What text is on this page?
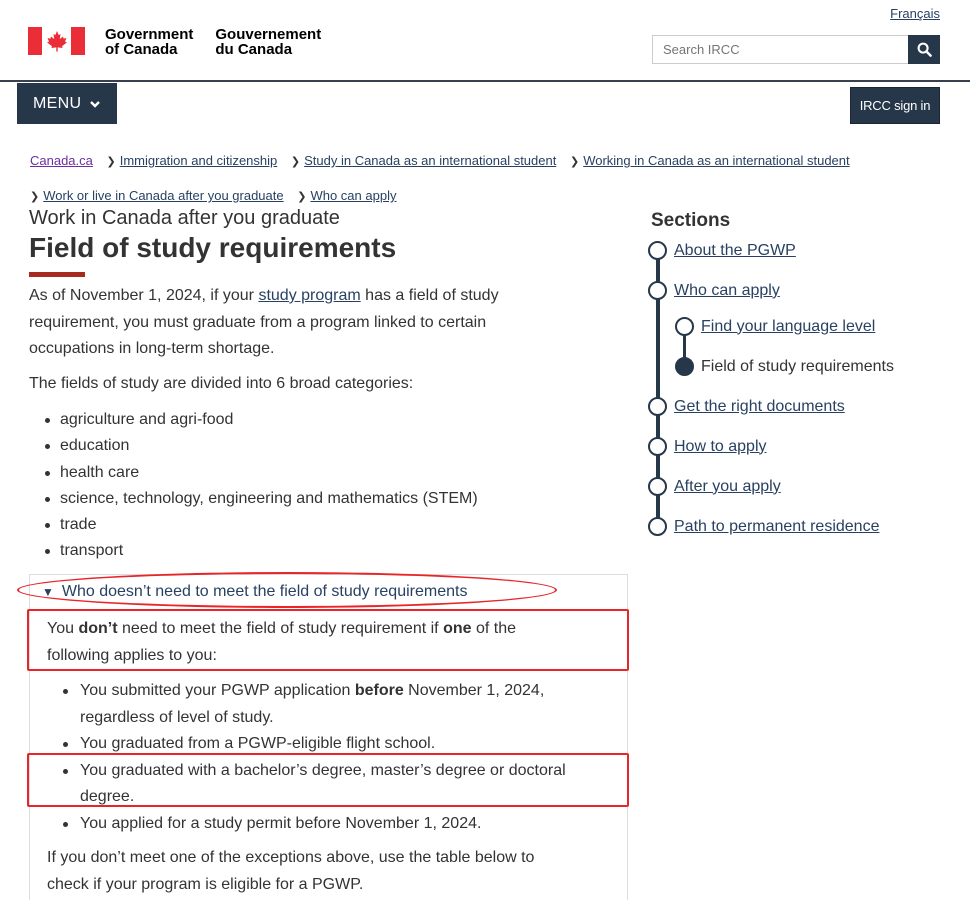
Français
Government
of Canada
Gouvernement
du Canada
Search IRCC
MENU	IRCC sign in
Canada.ca ❯ Immigration and citizenship ❯ Study in Canada as an international student ❯ Working in Canada as an international student
❯ Work or live in Canada after you graduate ❯ Who can apply
Work in Canada after you graduate
Field of study requirements
As of November 1, 2024, if your study program has a field of study
requirement, you must graduate from a program linked to certain
occupations in long-term shortage.
The fields of study are divided into 6 broad categories:
agriculture and agri-food
education
health care
science, technology, engineering and mathematics (STEM)
trade
transport
▼ Who doesn’t need to meet the field of study requirements
You don’t need to meet the field of study requirement if one of the
following applies to you:
You submitted your PGWP application before November 1, 2024,
regardless of level of study.
You graduated from a PGWP-eligible flight school.
You graduated with a bachelor’s degree, master’s degree or doctoral
degree.
You applied for a study permit before November 1, 2024.
If you don’t meet one of the exceptions above, use the table below to
check if your program is eligible for a PGWP.
Sections
About the PGWP
Who can apply
Find your language level
Field of study requirements
Get the right documents
How to apply
After you apply
Path to permanent residence
